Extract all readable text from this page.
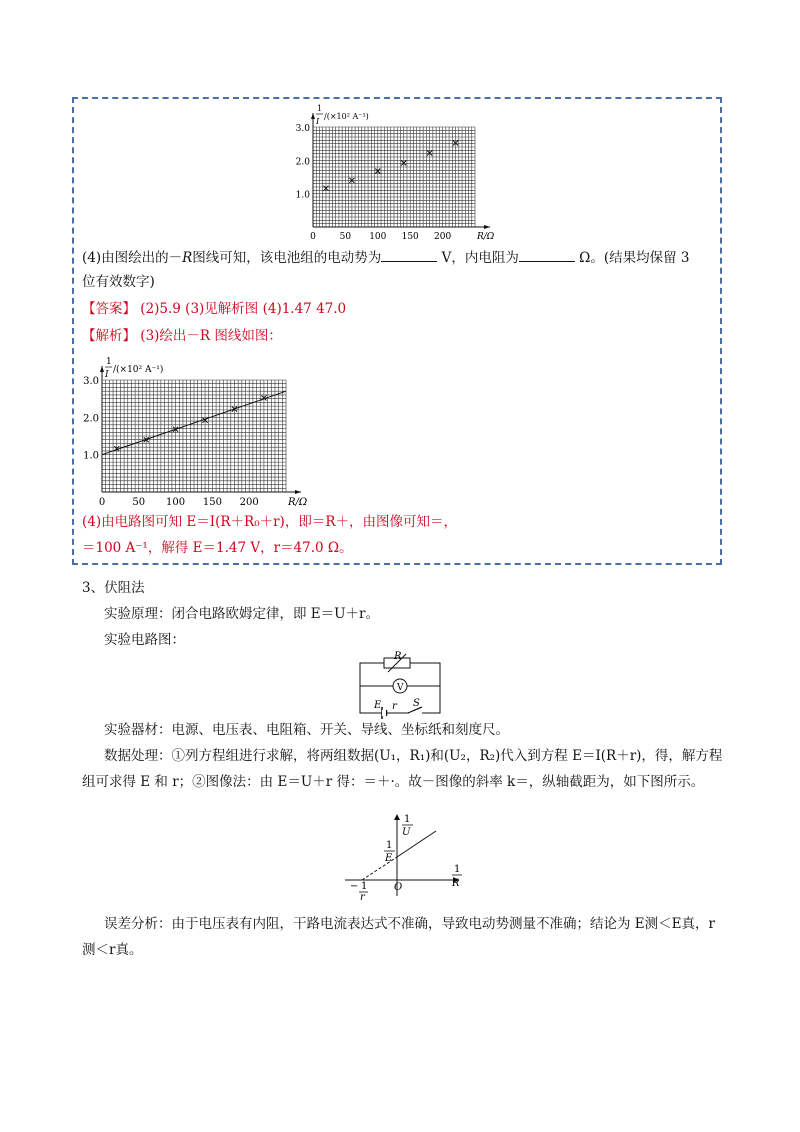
1.0
2.0
3.0
0	50 100 150 200	R/Ω
1
I
/(×10² A⁻¹)
(4)由图绘出的－R图线可知，该电池组的电动势为	V，内电阻为	Ω。(结果均保留 3
位有效数字)
【答案】 (2)5.9 (3)见解析图 (4)1.47 47.0
【解析】 (3)绘出－R 图线如图：
1.0
2.0
3.0
0	50 100 150 200	R/Ω
1
I /(×10² A⁻¹)
(4)由电路图可知 E＝I(R＋R₀＋r)，即＝R＋，由图像可知＝，
＝100 A⁻¹，解得 E＝1.47 V，r＝47.0 Ω。
3、伏阻法
实验原理：闭合电路欧姆定律，即 E＝U＋r。
实验电路图：
R
V
E r S
实验器材：电源、电压表、电阻箱、开关、导线、坐标纸和刻度尺。
数据处理：①列方程组进行求解，将两组数据(U₁，R₁)和(U₂，R₂)代入到方程 E＝I(R＋r)，得，解方程
组可求得 E 和 r；②图像法：由 E＝U＋r 得：＝＋·。故－图像的斜率 k＝，纵轴截距为，如下图所示。
1
U
1
E
1
R
O
− 1
r
误差分析：由于电压表有内阻，干路电流表达式不准确，导致电动势测量不准确；结论为 E测＜E真，r
测＜r真。
